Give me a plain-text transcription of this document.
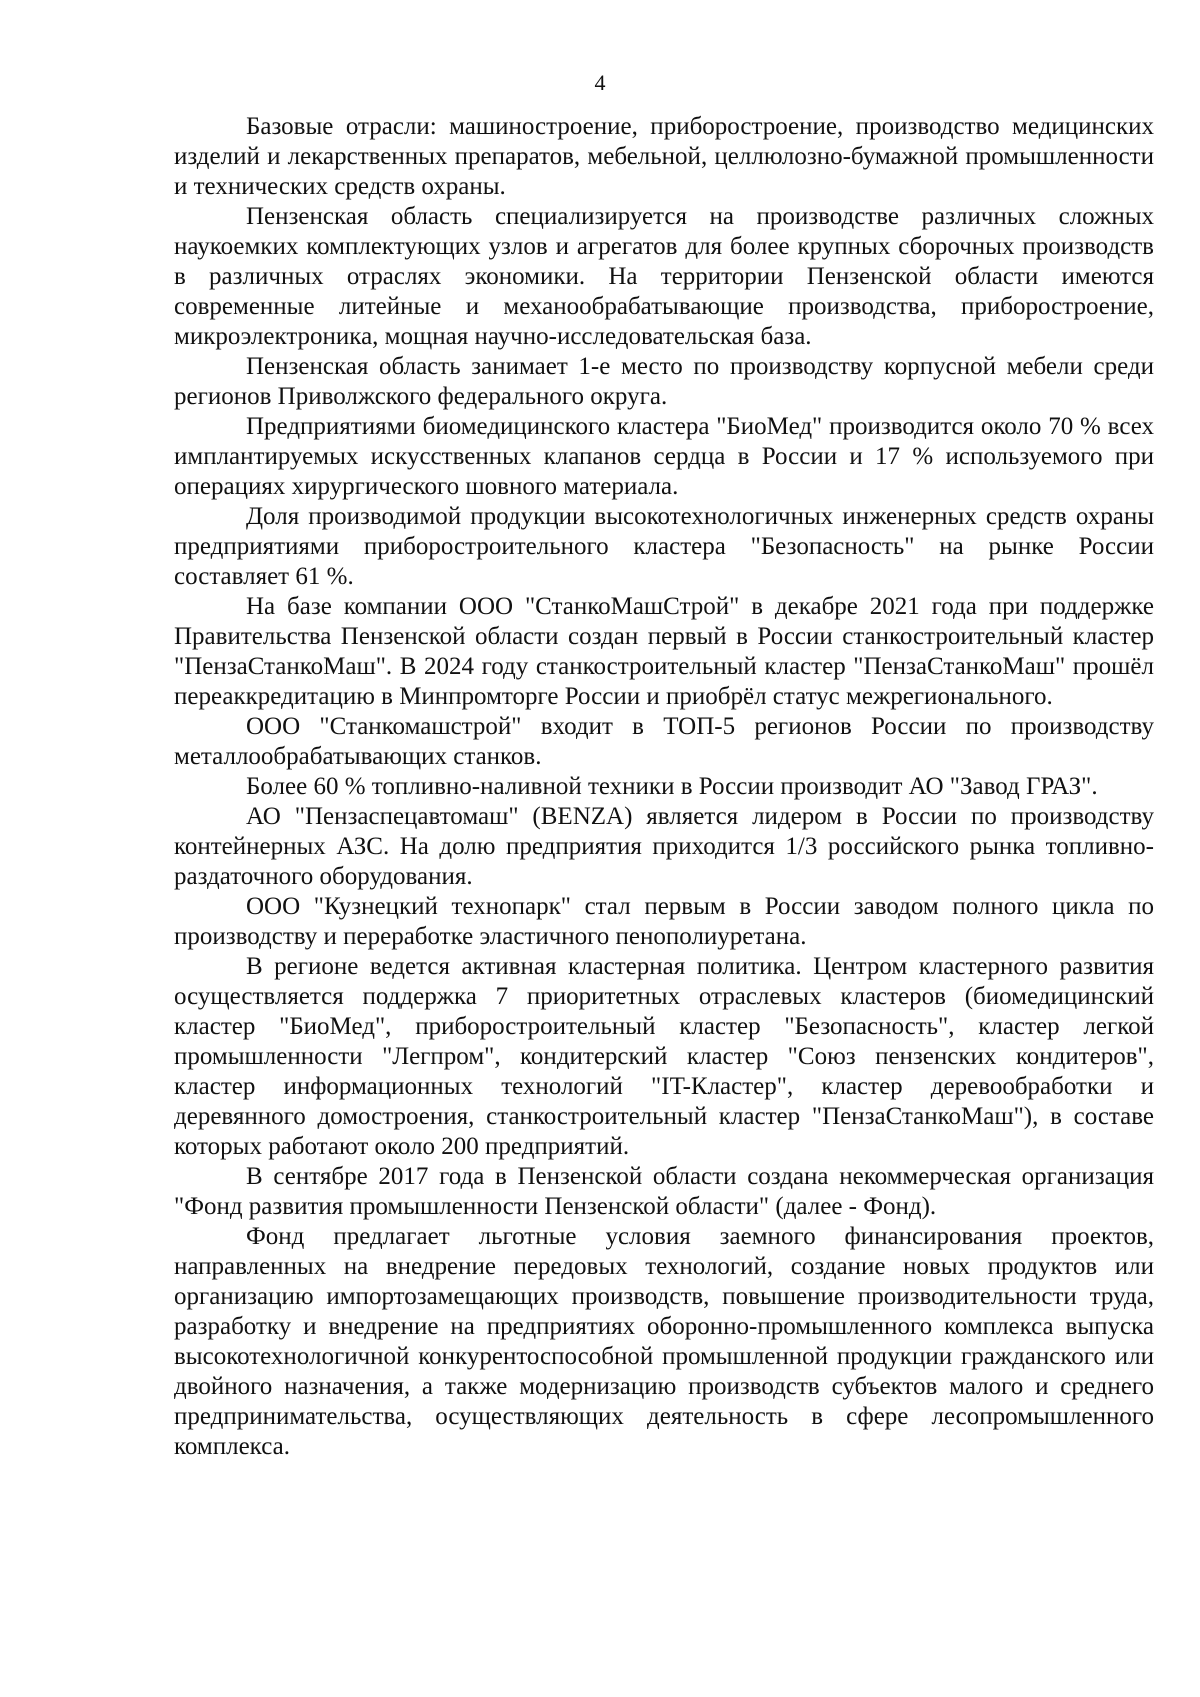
4

Базовые отрасли: машиностроение, приборостроение, производство медицинских изделий и лекарственных препаратов, мебельной, целлюлозно-бумажной промышленности и технических средств охраны.

Пензенская область специализируется на производстве различных сложных наукоемких комплектующих узлов и агрегатов для более крупных сборочных производств в различных отраслях экономики. На территории Пензенской области имеются современные литейные и механообрабатывающие производства, приборостроение, микроэлектроника, мощная научно-исследовательская база.

Пензенская область занимает 1-е место по производству корпусной мебели среди регионов Приволжского федерального округа.

Предприятиями биомедицинского кластера "БиоМед" производится около 70 % всех имплантируемых искусственных клапанов сердца в России и 17 % используемого при операциях хирургического шовного материала.

Доля производимой продукции высокотехнологичных инженерных средств охраны предприятиями приборостроительного кластера "Безопасность" на рынке России составляет 61 %.

На базе компании ООО "СтанкоМашСтрой" в декабре 2021 года при поддержке Правительства Пензенской области создан первый в России станкостроительный кластер "ПензаСтанкоМаш". В 2024 году станкостроительный кластер "ПензаСтанкоМаш" прошёл переаккредитацию в Минпромторге России и приобрёл статус межрегионального.

ООО "Станкомашстрой" входит в ТОП-5 регионов России по производству металлообрабатывающих станков.

Более 60 % топливно-наливной техники в России производит АО "Завод ГРАЗ".

АО "Пензаспецавтомаш" (BENZA) является лидером в России по производству контейнерных АЗС. На долю предприятия приходится 1/3 российского рынка топливно-раздаточного оборудования.

ООО "Кузнецкий технопарк" стал первым в России заводом полного цикла по производству и переработке эластичного пенополиуретана.

В регионе ведется активная кластерная политика. Центром кластерного развития осуществляется поддержка 7 приоритетных отраслевых кластеров (биомедицинский кластер "БиоМед", приборостроительный кластер "Безопасность", кластер легкой промышленности "Легпром", кондитерский кластер "Союз пензенских кондитеров", кластер информационных технологий "IT-Кластер", кластер деревообработки и деревянного домостроения, станкостроительный кластер "ПензаСтанкоМаш"), в составе которых работают около 200 предприятий.

В сентябре 2017 года в Пензенской области создана некоммерческая организация "Фонд развития промышленности Пензенской области" (далее - Фонд).

Фонд предлагает льготные условия заемного финансирования проектов, направленных на внедрение передовых технологий, создание новых продуктов или организацию импортозамещающих производств, повышение производительности труда, разработку и внедрение на предприятиях оборонно-промышленного комплекса выпуска высокотехнологичной конкурентоспособной промышленной продукции гражданского или двойного назначения, а также модернизацию производств субъектов малого и среднего предпринимательства, осуществляющих деятельность в сфере лесопромышленного комплекса.
